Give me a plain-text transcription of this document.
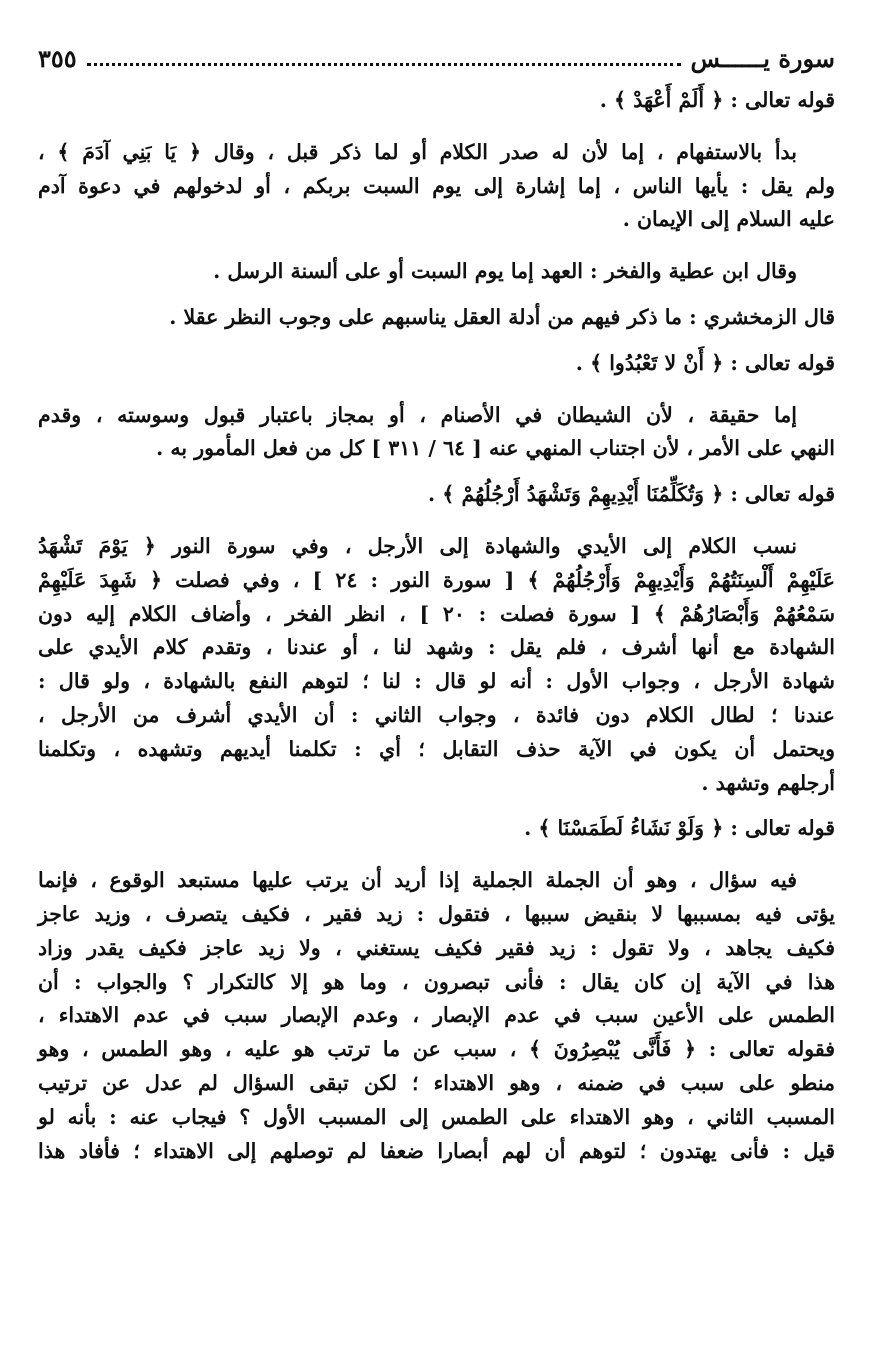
سورة يــــــس
٣٥٥
قوله تعالى : ﴿ أَلَمْ أَعْهَدْ ﴾ .
بدأ بالاستفهام ، إما لأن له صدر الكلام أو لما ذكر قبل ، وقال ﴿ يَا بَنِي آدَمَ ﴾ ،
ولم يقل : يأيها الناس ، إما إشارة إلى يوم السبت بربكم ، أو لدخولهم في دعوة آدم
عليه السلام إلى الإيمان .
وقال ابن عطية والفخر : العهد إما يوم السبت أو على ألسنة الرسل .
قال الزمخشري : ما ذكر فيهم من أدلة العقل يناسبهم على وجوب النظر عقلا .
قوله تعالى : ﴿ أَنْ لا تَعْبُدُوا ﴾ .
إما حقيقة ، لأن الشيطان في الأصنام ، أو بمجاز باعتبار قبول وسوسته ، وقدم
النهي على الأمر ، لأن اجتناب المنهي عنه [ ٦٤ / ٣١١ ] كل من فعل المأمور به .
قوله تعالى : ﴿ وَتُكَلِّمُنَا أَيْدِيهِمْ وَتَشْهَدُ أَرْجُلُهُمْ ﴾ .
نسب الكلام إلى الأيدي والشهادة إلى الأرجل ، وفي سورة النور ﴿ يَوْمَ تَشْهَدُ
عَلَيْهِمْ أَلْسِنَتُهُمْ وَأَيْدِيهِمْ وَأَرْجُلُهُمْ ﴾ [ سورة النور : ٢٤ ] ، وفي فصلت ﴿ شَهِدَ عَلَيْهِمْ
سَمْعُهُمْ وَأَبْصَارُهُمْ ﴾ [ سورة فصلت : ٢٠ ] ، انظر الفخر ، وأضاف الكلام إليه دون
الشهادة مع أنها أشرف ، فلم يقل : وشهد لنا ، أو عندنا ، وتقدم كلام الأيدي على
شهادة الأرجل ، وجواب الأول : أنه لو قال : لنا ؛ لتوهم النفع بالشهادة ، ولو قال :
عندنا ؛ لطال الكلام دون فائدة ، وجواب الثاني : أن الأيدي أشرف من الأرجل ،
ويحتمل أن يكون في الآية حذف التقابل ؛ أي : تكلمنا أيديهم وتشهده ، وتكلمنا
أرجلهم وتشهد .
قوله تعالى : ﴿ وَلَوْ نَشَاءُ لَطَمَسْنَا ﴾ .
فيه سؤال ، وهو أن الجملة الجملية إذا أريد أن يرتب عليها مستبعد الوقوع ، فإنما
يؤتى فيه بمسببها لا بنقيض سببها ، فتقول : زيد فقير ، فكيف يتصرف ، وزيد عاجز
فكيف يجاهد ، ولا تقول : زيد فقير فكيف يستغني ، ولا زيد عاجز فكيف يقدر وزاد
هذا في الآية إن كان يقال : فأنى تبصرون ، وما هو إلا كالتكرار ؟ والجواب : أن
الطمس على الأعين سبب في عدم الإبصار ، وعدم الإبصار سبب في عدم الاهتداء ،
فقوله تعالى : ﴿ فَأَنَّى يُبْصِرُونَ ﴾ ، سبب عن ما ترتب هو عليه ، وهو الطمس ، وهو
منطو على سبب في ضمنه ، وهو الاهتداء ؛ لكن تبقى السؤال لم عدل عن ترتيب
المسبب الثاني ، وهو الاهتداء على الطمس إلى المسبب الأول ؟ فيجاب عنه : بأنه لو
قيل : فأنى يهتدون ؛ لتوهم أن لهم أبصارا ضعفا لم توصلهم إلى الاهتداء ؛ فأفاد هذا
